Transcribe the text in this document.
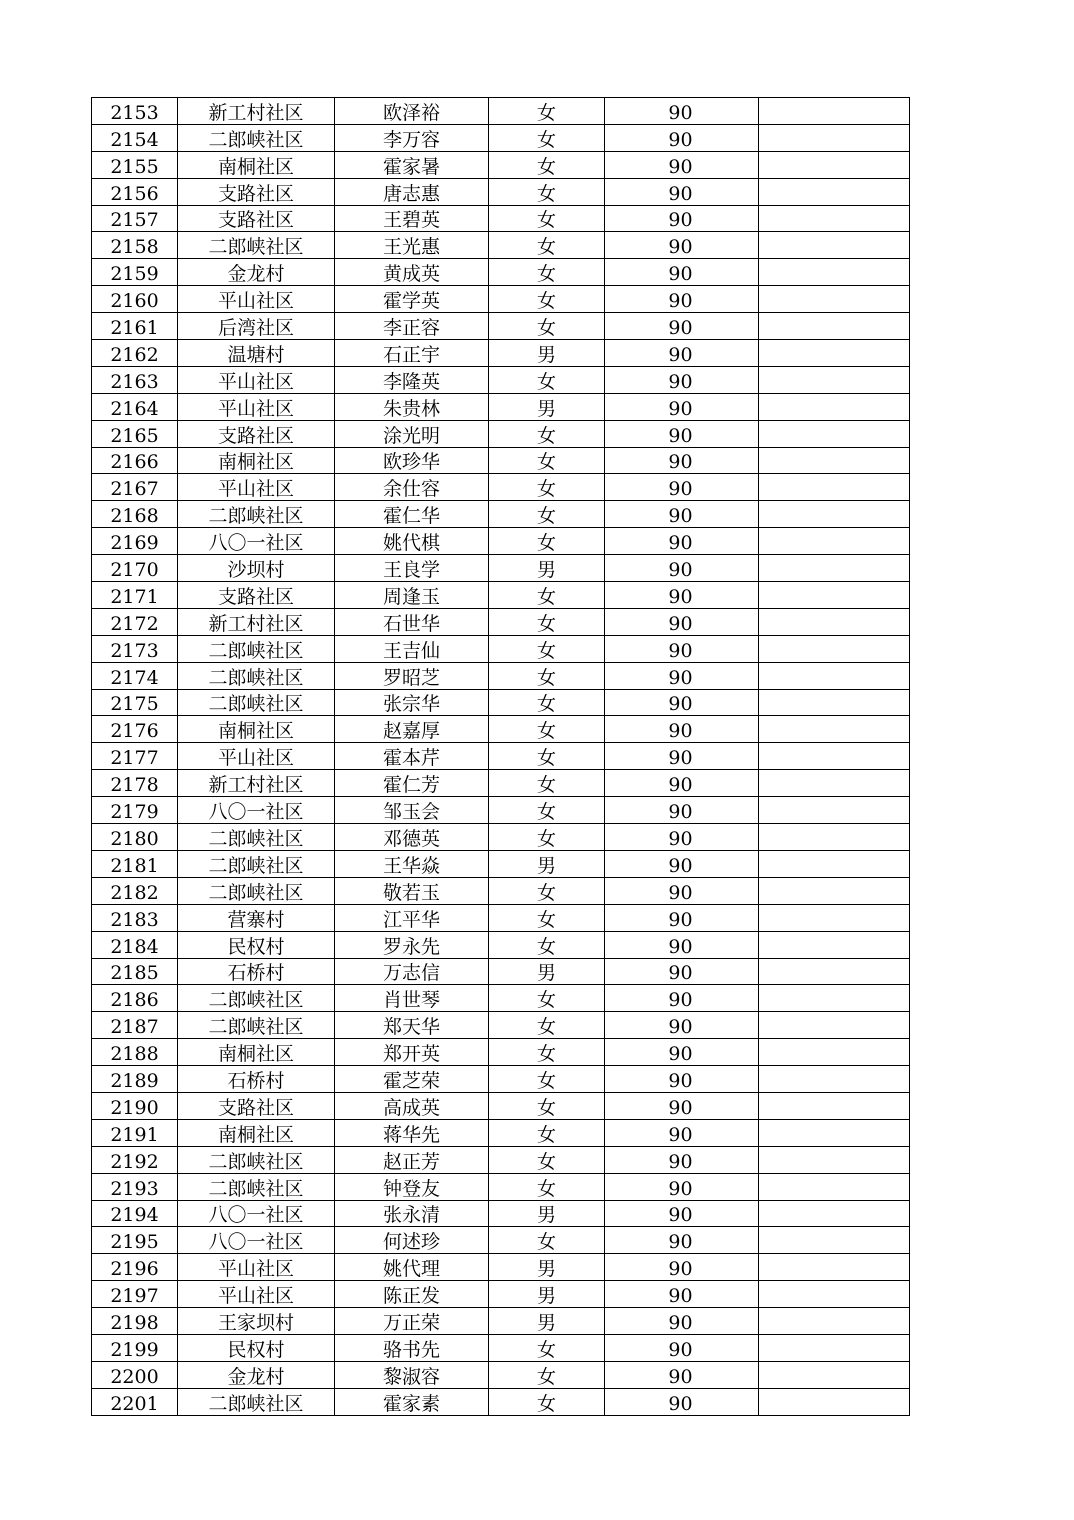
2153	新工村社区	欧泽裕	女	90	
2154	二郎峡社区	李万容	女	90	
2155	南桐社区	霍家暑	女	90	
2156	支路社区	唐志惠	女	90	
2157	支路社区	王碧英	女	90	
2158	二郎峡社区	王光惠	女	90	
2159	金龙村	黄成英	女	90	
2160	平山社区	霍学英	女	90	
2161	后湾社区	李正容	女	90	
2162	温塘村	石正宇	男	90	
2163	平山社区	李隆英	女	90	
2164	平山社区	朱贵林	男	90	
2165	支路社区	涂光明	女	90	
2166	南桐社区	欧珍华	女	90	
2167	平山社区	余仕容	女	90	
2168	二郎峡社区	霍仁华	女	90	
2169	八〇一社区	姚代棋	女	90	
2170	沙坝村	王良学	男	90	
2171	支路社区	周逢玉	女	90	
2172	新工村社区	石世华	女	90	
2173	二郎峡社区	王吉仙	女	90	
2174	二郎峡社区	罗昭芝	女	90	
2175	二郎峡社区	张宗华	女	90	
2176	南桐社区	赵嘉厚	女	90	
2177	平山社区	霍本芹	女	90	
2178	新工村社区	霍仁芳	女	90	
2179	八〇一社区	邹玉会	女	90	
2180	二郎峡社区	邓德英	女	90	
2181	二郎峡社区	王华焱	男	90	
2182	二郎峡社区	敬若玉	女	90	
2183	营寨村	江平华	女	90	
2184	民权村	罗永先	女	90	
2185	石桥村	万志信	男	90	
2186	二郎峡社区	肖世琴	女	90	
2187	二郎峡社区	郑天华	女	90	
2188	南桐社区	郑开英	女	90	
2189	石桥村	霍芝荣	女	90	
2190	支路社区	高成英	女	90	
2191	南桐社区	蒋华先	女	90	
2192	二郎峡社区	赵正芳	女	90	
2193	二郎峡社区	钟登友	女	90	
2194	八〇一社区	张永清	男	90	
2195	八〇一社区	何述珍	女	90	
2196	平山社区	姚代理	男	90	
2197	平山社区	陈正发	男	90	
2198	王家坝村	万正荣	男	90	
2199	民权村	骆书先	女	90	
2200	金龙村	黎淑容	女	90	
2201	二郎峡社区	霍家素	女	90	
